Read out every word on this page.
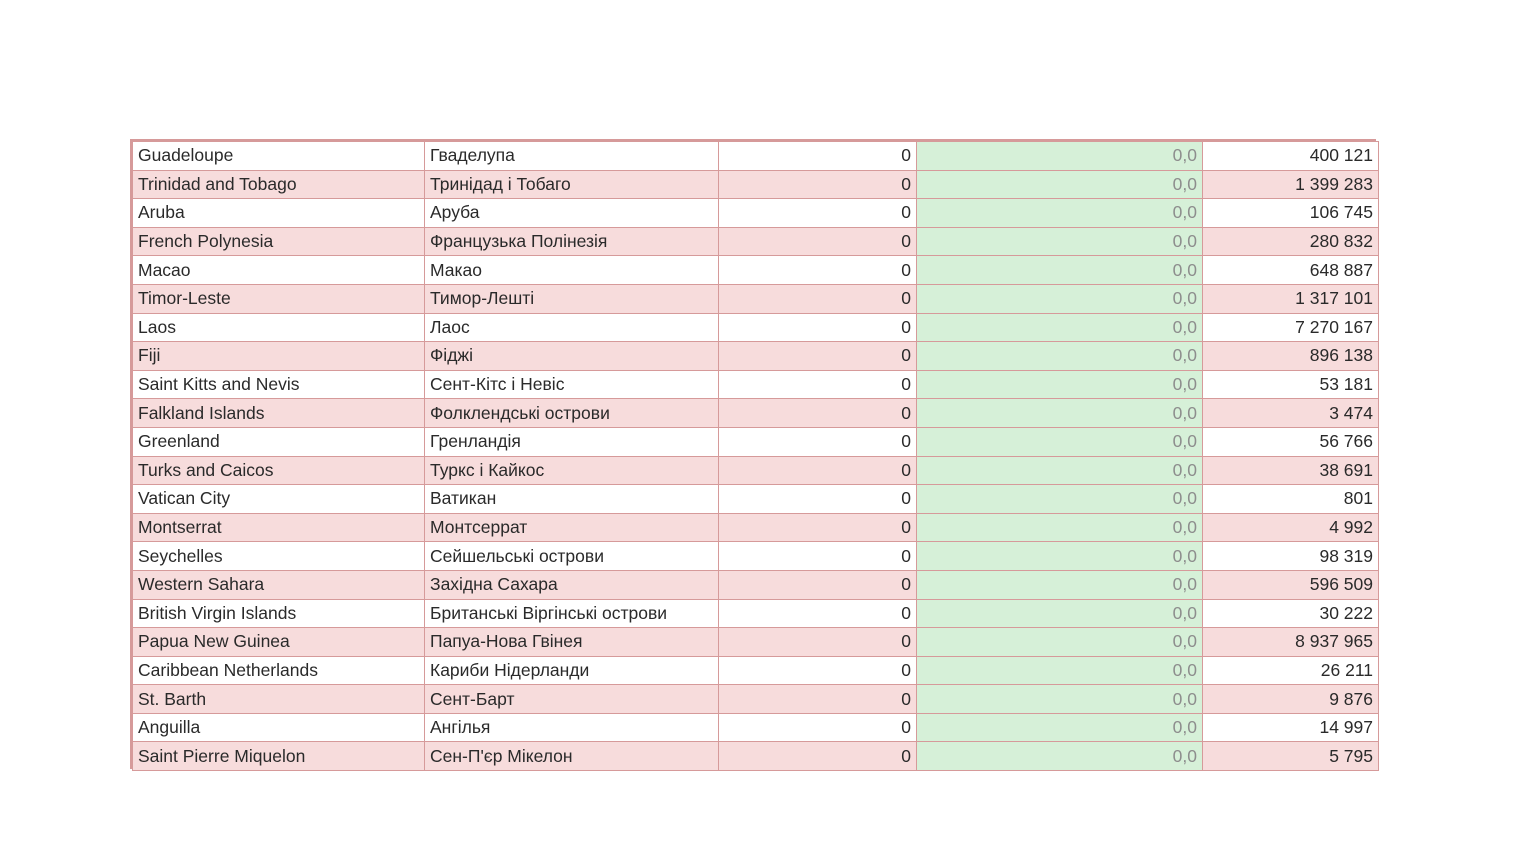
Guadeloupe	Гваделупа	0	0,0	400 121
Trinidad and Tobago	Тринідад і Тобаго	0	0,0	1 399 283
Aruba	Аруба	0	0,0	106 745
French Polynesia	Французька Полінезія	0	0,0	280 832
Macao	Макао	0	0,0	648 887
Timor-Leste	Тимор-Лешті	0	0,0	1 317 101
Laos	Лаос	0	0,0	7 270 167
Fiji	Фіджі	0	0,0	896 138
Saint Kitts and Nevis	Сент-Кітс і Невіс	0	0,0	53 181
Falkland Islands	Фолклендські острови	0	0,0	3 474
Greenland	Гренландія	0	0,0	56 766
Turks and Caicos	Туркс і Кайкос	0	0,0	38 691
Vatican City	Ватикан	0	0,0	801
Montserrat	Монтсеррат	0	0,0	4 992
Seychelles	Сейшельські острови	0	0,0	98 319
Western Sahara	Західна Сахара	0	0,0	596 509
British Virgin Islands	Британські Віргінські острови	0	0,0	30 222
Papua New Guinea	Папуа-Нова Гвінея	0	0,0	8 937 965
Caribbean Netherlands	Кариби Нідерланди	0	0,0	26 211
St. Barth	Сент-Барт	0	0,0	9 876
Anguilla	Ангілья	0	0,0	14 997
Saint Pierre Miquelon	Сен-П'єр Мікелон	0	0,0	5 795
